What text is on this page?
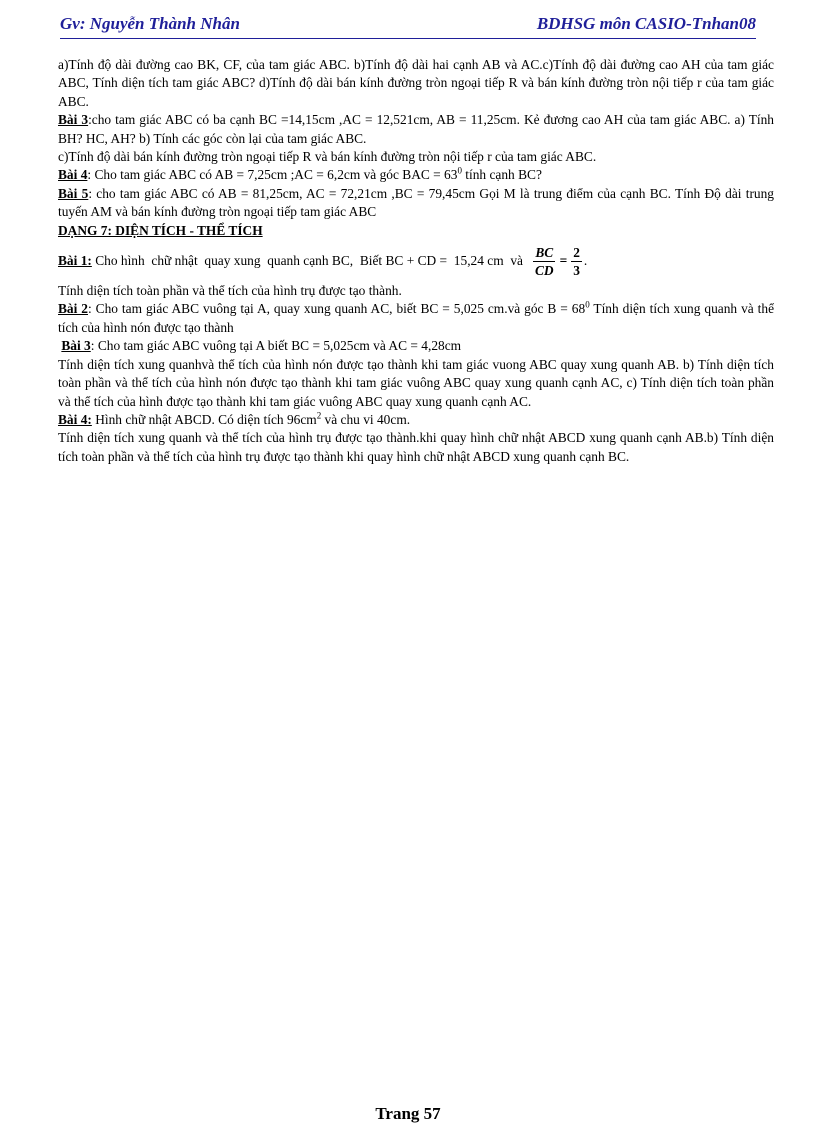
Gv: Nguyễn Thành Nhân	BDHSG môn CASIO-Tnhan08

a)Tính độ dài đường cao BK, CF, của tam giác ABC. b)Tính độ dài hai cạnh AB và AC.c)Tính độ dài đường cao AH của tam giác ABC, Tính diện tích tam giác ABC? d)Tính độ dài bán kính đường tròn ngoại tiếp R và bán kính đường tròn nội tiếp r của tam giác ABC.

Bài 3:cho tam giác ABC có ba cạnh BC =14,15cm ,AC = 12,521cm, AB = 11,25cm. Kẻ đương cao AH của tam giác ABC. a) Tính BH? HC, AH? b) Tính các góc còn lại của tam giác ABC.

c)Tính độ dài bán kính đường tròn ngoại tiếp R và bán kính đường tròn nội tiếp r của tam giác ABC.

Bài 4: Cho tam giác ABC có AB = 7,25cm ;AC = 6,2cm và góc BAC = $63^0$ tính cạnh BC?

Bài 5: cho tam giác ABC có AB = 81,25cm, AC = 72,21cm ,BC = 79,45cm Gọi M là trung điểm của cạnh BC. Tính Độ dài trung tuyến AM và bán kính đường tròn ngoại tiếp tam giác ABC

DẠNG 7: DIỆN TÍCH - THỂ TÍCH

Bài 1: Cho hình  chữ nhật  quay xung  quanh cạnh BC,  Biết BC + CD =  15,24 cm  và $\frac{BC}{CD} = \frac{2}{3}$ .

Tính diện tích toàn phần và thể tích của hình trụ được tạo thành.

Bài 2: Cho tam giác ABC vuông tại A, quay xung quanh AC, biết BC = 5,025 cm.và góc $B = 68^0$ Tính diện tích xung quanh và thể tích của hình nón được tạo thành

Bài 3: Cho tam giác ABC vuông tại A biết BC = 5,025cm và AC = 4,28cm

Tính diện tích xung quanhvà thể tích của hình nón được tạo thành khi tam giác vuong ABC quay xung quanh AB. b) Tính diện tích toàn phần và thể tích của hình nón được tạo thành khi tam giác vuông ABC quay xung quanh cạnh AC, c) Tính diện tích toàn phần và thể tích của hình được tạo thành khi tam giác vuông ABC quay xung quanh cạnh AC.

Bài 4: Hình chữ nhật ABCD. Có diện tích $96cm^2$ và chu vi 40cm.

Tính diện tích xung quanh và thể tích của hình trụ được tạo thành.khi quay hình chữ nhật ABCD xung quanh cạnh AB.b) Tính diện tích toàn phần và thể tích của hình trụ được tạo thành khi quay hình chữ nhật ABCD xung quanh cạnh BC.

Trang 57
